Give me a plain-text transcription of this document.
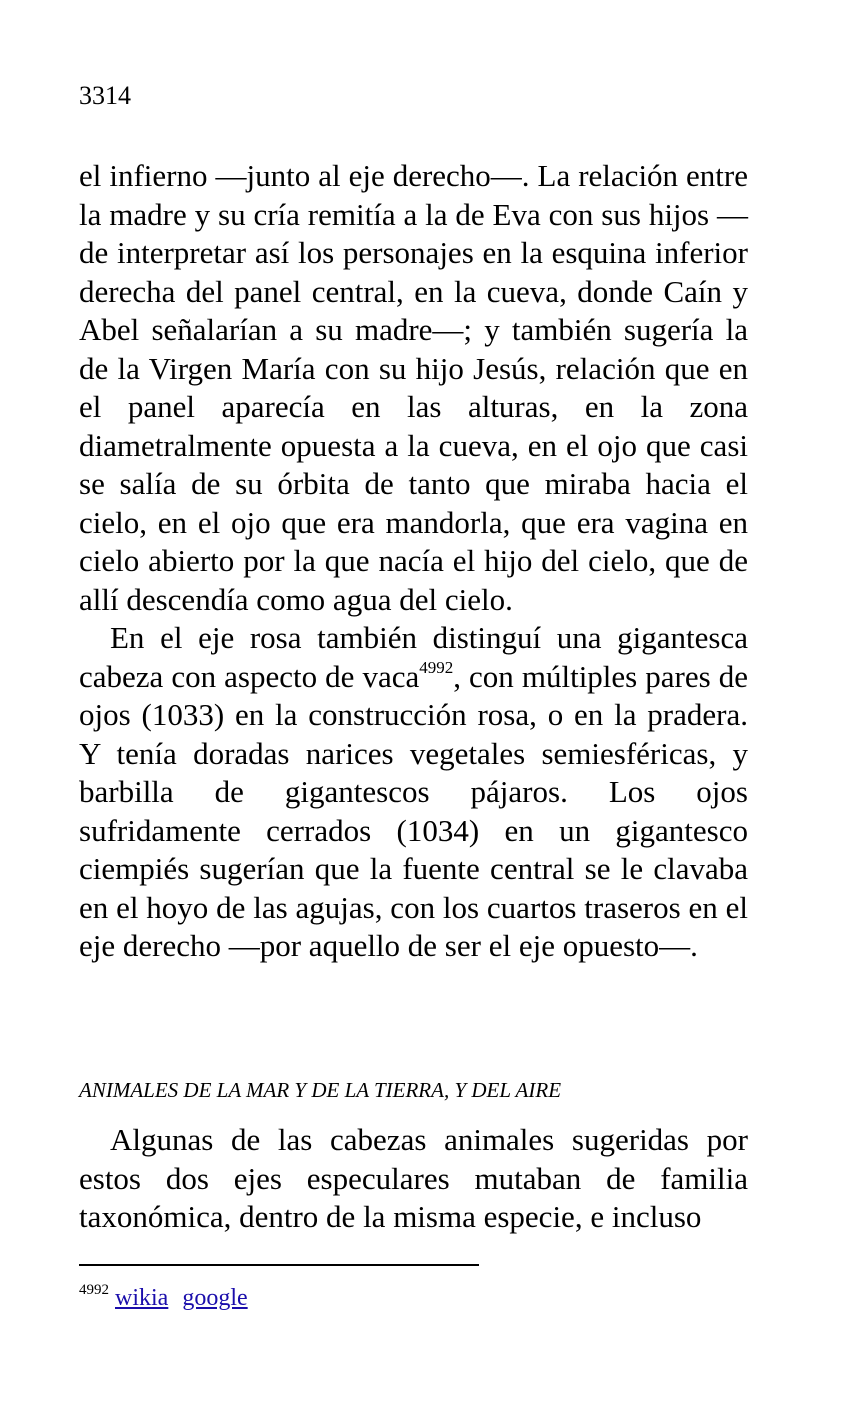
3314

el infierno —junto al eje derecho—. La relación entre la madre y su cría remitía a la de Eva con sus hijos —de interpretar así los personajes en la esquina inferior derecha del panel central, en la cueva, donde Caín y Abel señalarían a su madre—; y también sugería la de la Virgen María con su hijo Jesús, relación que en el panel aparecía en las alturas, en la zona diametralmente opuesta a la cueva, en el ojo que casi se salía de su órbita de tanto que miraba hacia el cielo, en el ojo que era mandorla, que era vagina en cielo abierto por la que nacía el hijo del cielo, que de allí descendía como agua del cielo.

En el eje rosa también distinguí una gigantesca cabeza con aspecto de vaca$^{4992}$, con múltiples pares de ojos (1033) en la construcción rosa, o en la pradera. Y tenía doradas narices vegetales semiesféricas, y barbilla de gigantescos pájaros. Los ojos sufridamente cerrados (1034) en un gigantesco ciempiés sugerían que la fuente central se le clavaba en el hoyo de las agujas, con los cuartos traseros en el eje derecho —por aquello de ser el eje opuesto—.

ANIMALES DE LA MAR Y DE LA TIERRA, Y DEL AIRE

Algunas de las cabezas animales sugeridas por estos dos ejes especulares mutaban de familia taxonómica, dentro de la misma especie, e incluso

$^{4992}$ wikia google
